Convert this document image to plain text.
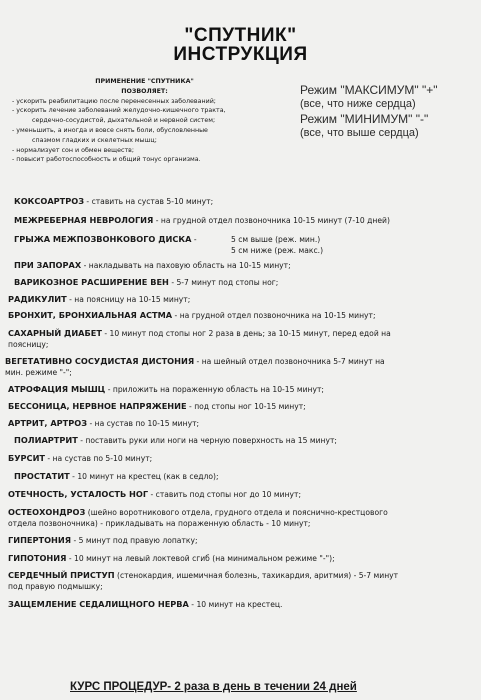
"СПУТНИК"
ИНСТРУКЦИЯ
ПРИМЕНЕНИЕ "СПУТНИКА"
ПОЗВОЛЯЕТ:
- ускорить реабилитацию после перенесенных заболеваний;
- ускорить лечение заболеваний желудочно-кишечного тракта,
сердечно-сосудистой, дыхательной и нервной систем;
- уменьшить, а иногда и вовсе снять боли, обусловленные
спазмом гладких и скелетных мышц;
- нормализует сон и обмен веществ;
- повысит работоспособность и общий тонус организма.
Режим "МАКСИМУМ" "+"
(все, что ниже сердца)
Режим "МИНИМУМ" "-"
(все, что выше сердца)
КОКСОАРТРОЗ - ставить на сустав 5-10 минут;
МЕЖРЕБЕРНАЯ НЕВРОЛОГИЯ - на грудной отдел позвоночника 10-15 минут (7-10 дней)
ГРЫЖА МЕЖПОЗВОНКОВОГО ДИСКА -
ПРИ ЗАПОРАХ - накладывать на паховую область на 10-15 минут;
ВАРИКОЗНОЕ РАСШИРЕНИЕ ВЕН - 5-7 минут под стопы ног;
РАДИКУЛИТ - на поясницу на 10-15 минут;
БРОНХИТ, БРОНХИАЛЬНАЯ АСТМА - на грудной отдел позвоночника на 10-15 минут;
САХАРНЫЙ ДИАБЕТ - 10 минут под стопы ног 2 раза в день; за 10-15 минут, перед едой на
поясницу;
ВЕГЕТАТИВНО СОСУДИСТАЯ ДИСТОНИЯ - на шейный отдел позвоночника 5-7 минут на
мин. режиме "-";
АТРОФАЦИЯ МЫШЦ - приложить на пораженную область на 10-15 минут;
БЕССОНИЦА, НЕРВНОЕ НАПРЯЖЕНИЕ - под стопы ног 10-15 минут;
АРТРИТ, АРТРОЗ - на сустав по 10-15 минут;
ПОЛИАРТРИТ - поставить руки или ноги на черную поверхность на 15 минут;
БУРСИТ - на сустав по 5-10 минут;
ПРОСТАТИТ - 10 минут на крестец (как в седло);
ОТЕЧНОСТЬ, УСТАЛОСТЬ НОГ - ставить под стопы ног до 10 минут;
ОСТЕОХОНДРОЗ (шейно воротникового отдела, грудного отдела и пояснично-крестцового
отдела позвоночника) - прикладывать на пораженную область - 10 минут;
ГИПЕРТОНИЯ - 5 минут под правую лопатку;
ГИПОТОНИЯ - 10 минут на левый локтевой сгиб (на минимальном режиме "-");
СЕРДЕЧНЫЙ ПРИСТУП (стенокардия, ишемичная болезнь, тахикардия, аритмия) - 5-7 минут
под правую подмышку;
ЗАЩЕМЛЕНИЕ СЕДАЛИЩНОГО НЕРВА - 10 минут на крестец.
5 см выше (реж. мин.)
5 см ниже (реж. макс.)
КУРС ПРОЦЕДУР- 2 раза в день в течении 24 дней
